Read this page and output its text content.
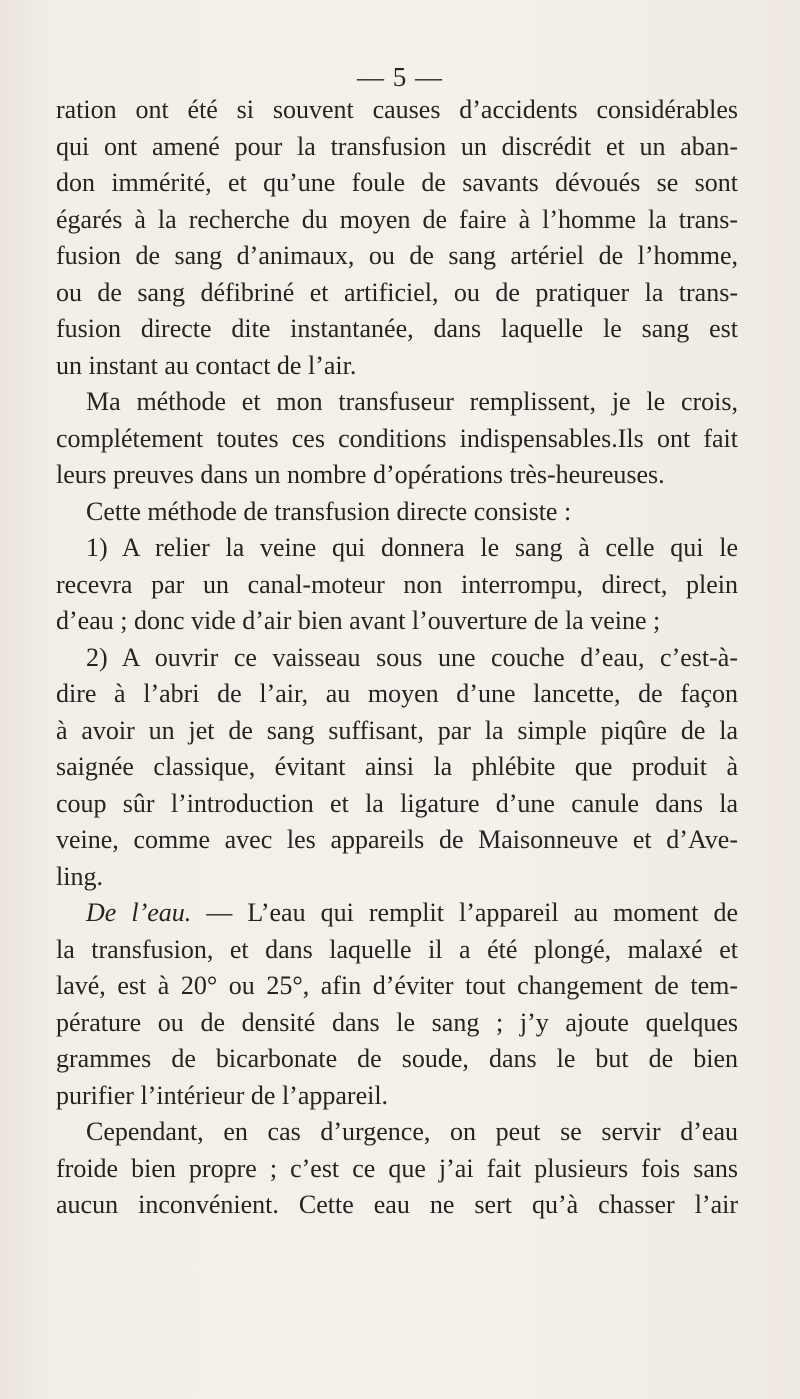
— 5 —
ration ont été si souvent causes d’accidents considérables
qui ont amené pour la transfusion un discrédit et un aban-
don immérité, et qu’une foule de savants dévoués se sont
égarés à la recherche du moyen de faire à l’homme la trans-
fusion de sang d’animaux, ou de sang artériel de l’homme,
ou de sang défibriné et artificiel, ou de pratiquer la trans-
fusion directe dite instantanée, dans laquelle le sang est
un instant au contact de l’air.
Ma méthode et mon transfuseur remplissent, je le crois,
complétement toutes ces conditions indispensables.Ils ont fait
leurs preuves dans un nombre d’opérations très-heureuses.
Cette méthode de transfusion directe consiste :
1) A relier la veine qui donnera le sang à celle qui le
recevra par un canal-moteur non interrompu, direct, plein
d’eau ; donc vide d’air bien avant l’ouverture de la veine ;
2) A ouvrir ce vaisseau sous une couche d’eau, c’est-à-
dire à l’abri de l’air, au moyen d’une lancette, de façon
à avoir un jet de sang suffisant, par la simple piqûre de la
saignée classique, évitant ainsi la phlébite que produit à
coup sûr l’introduction et la ligature d’une canule dans la
veine, comme avec les appareils de Maisonneuve et d’Ave-
ling.
De l’eau. — L’eau qui remplit l’appareil au moment de
la transfusion, et dans laquelle il a été plongé, malaxé et
lavé, est à 20° ou 25°, afin d’éviter tout changement de tem-
pérature ou de densité dans le sang ; j’y ajoute quelques
grammes de bicarbonate de soude, dans le but de bien
purifier l’intérieur de l’appareil.
Cependant, en cas d’urgence, on peut se servir d’eau
froide bien propre ; c’est ce que j’ai fait plusieurs fois sans
aucun inconvénient. Cette eau ne sert qu’à chasser l’air
